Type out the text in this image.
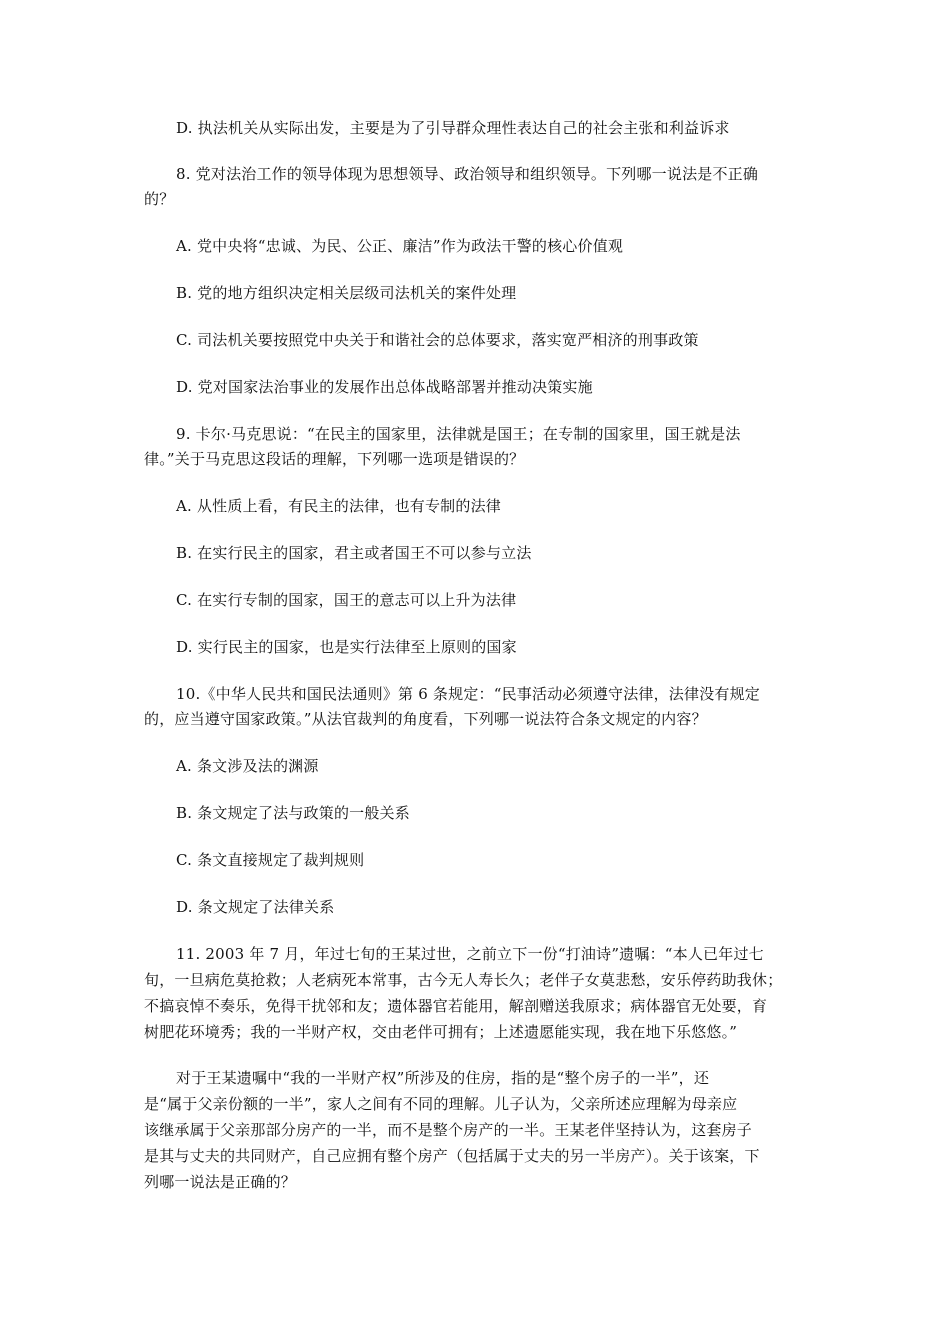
D. 执法机关从实际出发，主要是为了引导群众理性表达自己的社会主张和利益诉求
8. 党对法治工作的领导体现为思想领导、政治领导和组织领导。下列哪一说法是不正确
的？
A. 党中央将“忠诚、为民、公正、廉洁”作为政法干警的核心价值观
B. 党的地方组织决定相关层级司法机关的案件处理
C. 司法机关要按照党中央关于和谐社会的总体要求，落实宽严相济的刑事政策
D. 党对国家法治事业的发展作出总体战略部署并推动决策实施
9. 卡尔·马克思说：“在民主的国家里，法律就是国王；在专制的国家里，国王就是法
律。”关于马克思这段话的理解，下列哪一选项是错误的？
A. 从性质上看，有民主的法律，也有专制的法律
B. 在实行民主的国家，君主或者国王不可以参与立法
C. 在实行专制的国家，国王的意志可以上升为法律
D. 实行民主的国家，也是实行法律至上原则的国家
10.《中华人民共和国民法通则》第 6 条规定：“民事活动必须遵守法律，法律没有规定
的，应当遵守国家政策。”从法官裁判的角度看，下列哪一说法符合条文规定的内容？
A. 条文涉及法的渊源
B. 条文规定了法与政策的一般关系
C. 条文直接规定了裁判规则
D. 条文规定了法律关系
11. 2003 年 7 月，年过七旬的王某过世，之前立下一份“打油诗”遗嘱：“本人已年过七
旬，一旦病危莫抢救；人老病死本常事，古今无人寿长久；老伴子女莫悲愁，安乐停药助我休；
不搞哀悼不奏乐，免得干扰邻和友；遗体器官若能用，解剖赠送我原求；病体器官无处要，育
树肥花环境秀；我的一半财产权，交由老伴可拥有；上述遗愿能实现，我在地下乐悠悠。”
对于王某遗嘱中“我的一半财产权”所涉及的住房，指的是“整个房子的一半”，还
是“属于父亲份额的一半”，家人之间有不同的理解。儿子认为，父亲所述应理解为母亲应
该继承属于父亲那部分房产的一半，而不是整个房产的一半。王某老伴坚持认为，这套房子
是其与丈夫的共同财产，自己应拥有整个房产（包括属于丈夫的另一半房产）。关于该案，下
列哪一说法是正确的？
